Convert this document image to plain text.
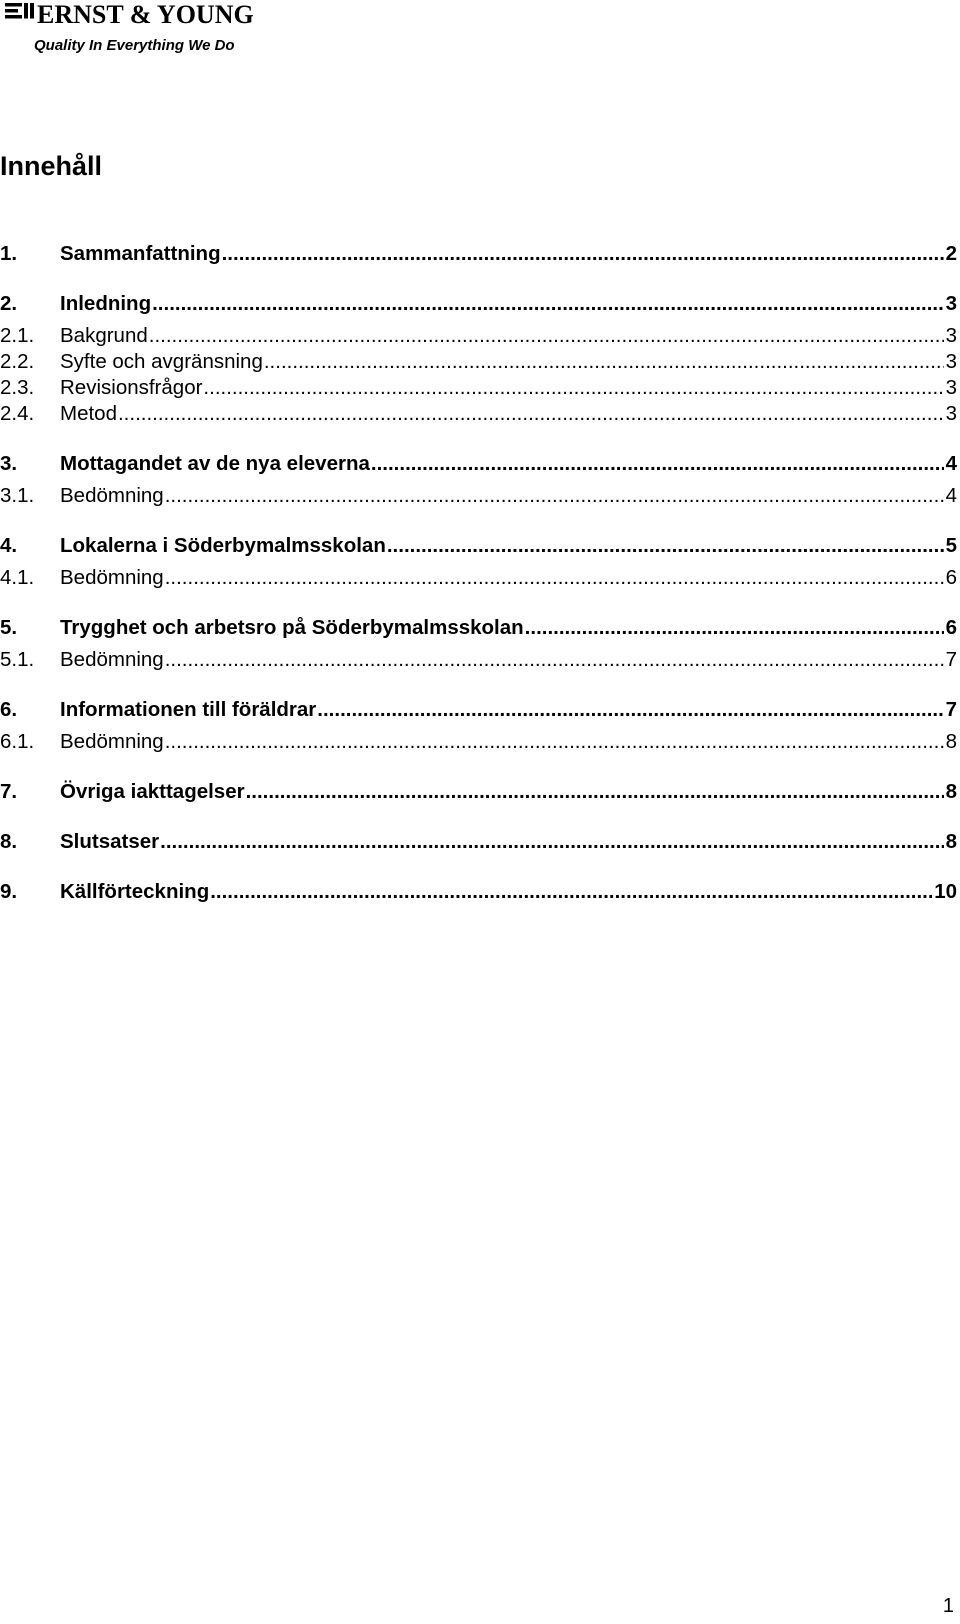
ERNST & YOUNG
Quality In Everything We Do
Innehåll
1.	Sammanfattning .....	2
2.	Inledning .....	3
2.1.	Bakgrund .....	3
2.2.	Syfte och avgränsning .....	3
2.3.	Revisionsfrågor .....	3
2.4.	Metod .....	3
3.	Mottagandet av de nya eleverna .....	4
3.1.	Bedömning .....	4
4.	Lokalerna i Söderbymalmsskolan .....	5
4.1.	Bedömning .....	6
5.	Trygghet och arbetsro på Söderbymalmsskolan .....	6
5.1.	Bedömning .....	7
6.	Informationen till föräldrar .....	7
6.1.	Bedömning .....	8
7.	Övriga iakttagelser .....	8
8.	Slutsatser .....	8
9.	Källförteckning .....	10
1
